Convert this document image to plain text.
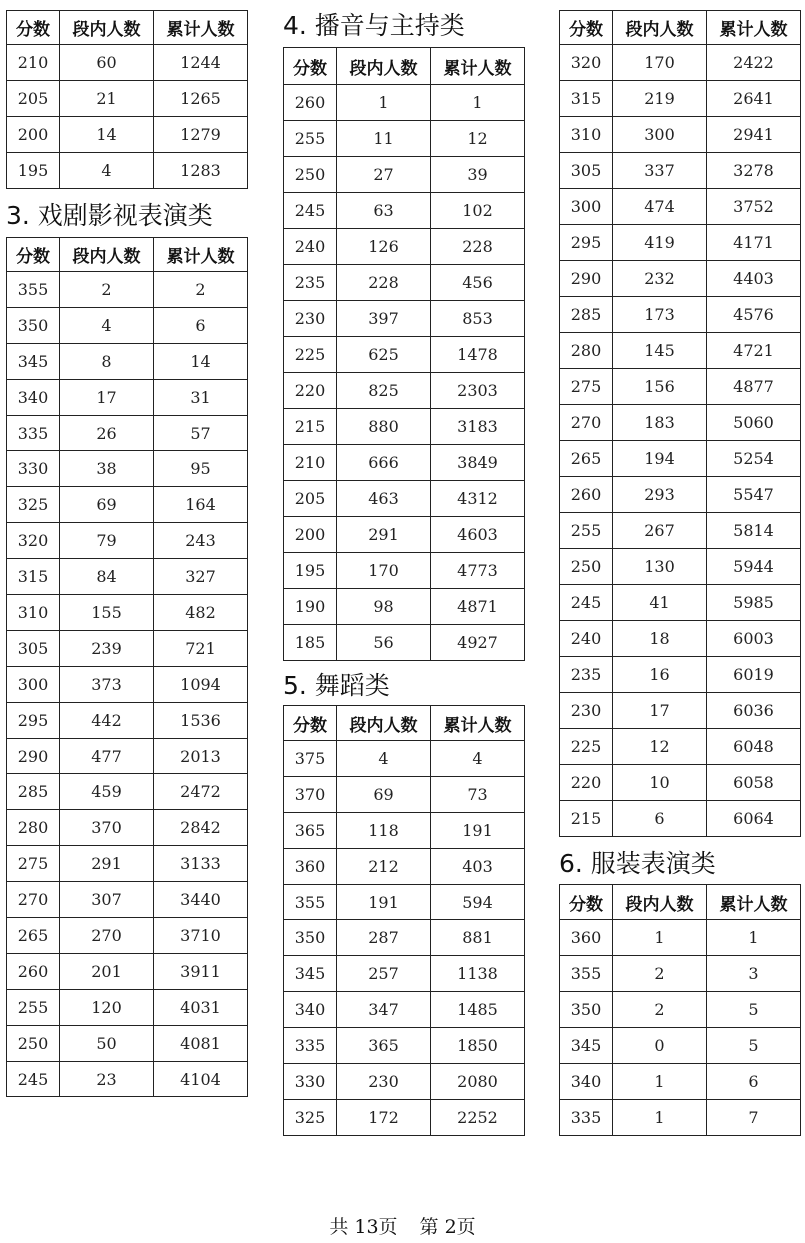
分数	段内人数	累计人数
210	60	1244
205	21	1265
200	14	1279
195	4	1283
3. 戏剧影视表演类
分数	段内人数	累计人数
355	2	2
350	4	6
345	8	14
340	17	31
335	26	57
330	38	95
325	69	164
320	79	243
315	84	327
310	155	482
305	239	721
300	373	1094
295	442	1536
290	477	2013
285	459	2472
280	370	2842
275	291	3133
270	307	3440
265	270	3710
260	201	3911
255	120	4031
250	50	4081
245	23	4104
4. 播音与主持类
分数	段内人数	累计人数
260	1	1
255	11	12
250	27	39
245	63	102
240	126	228
235	228	456
230	397	853
225	625	1478
220	825	2303
215	880	3183
210	666	3849
205	463	4312
200	291	4603
195	170	4773
190	98	4871
185	56	4927
5. 舞蹈类
分数	段内人数	累计人数
375	4	4
370	69	73
365	118	191
360	212	403
355	191	594
350	287	881
345	257	1138
340	347	1485
335	365	1850
330	230	2080
325	172	2252
分数	段内人数	累计人数
320	170	2422
315	219	2641
310	300	2941
305	337	3278
300	474	3752
295	419	4171
290	232	4403
285	173	4576
280	145	4721
275	156	4877
270	183	5060
265	194	5254
260	293	5547
255	267	5814
250	130	5944
245	41	5985
240	18	6003
235	16	6019
230	17	6036
225	12	6048
220	10	6058
215	6	6064
6. 服装表演类
分数	段内人数	累计人数
360	1	1
355	2	3
350	2	5
345	0	5
340	1	6
335	1	7
共 13页 第 2页
